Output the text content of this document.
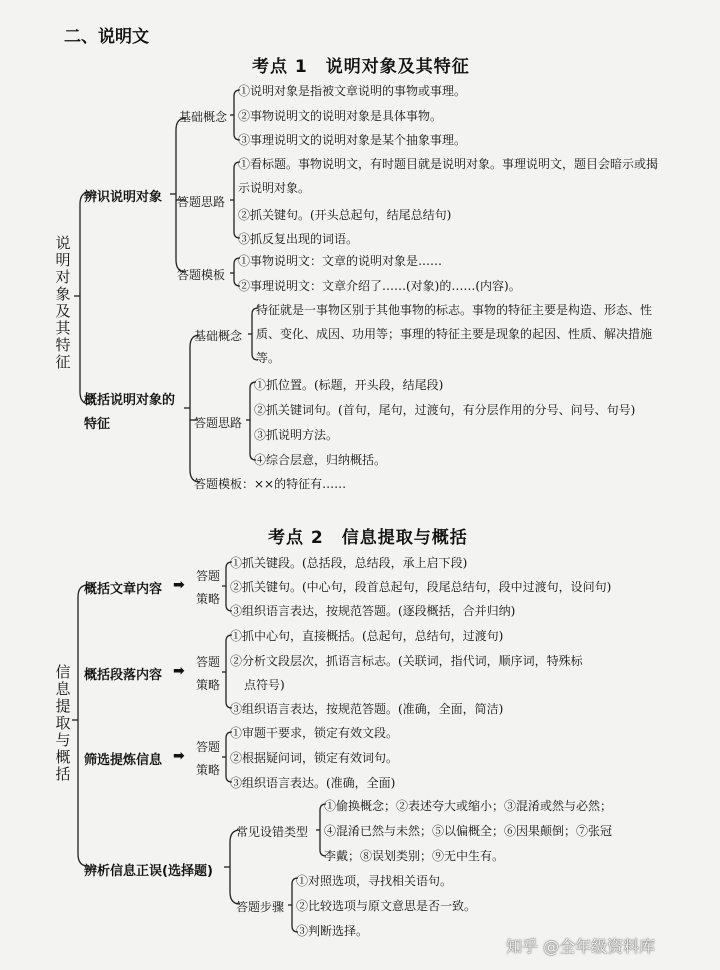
二、说明文
考点 1　说明对象及其特征
说明对象及其特征
辨识说明对象
基础概念
①说明对象是指被文章说明的事物或事理。
②事物说明文的说明对象是具体事物。
③事理说明文的说明对象是某个抽象事理。
答题思路
①看标题。事物说明文，有时题目就是说明对象。事理说明文，题目会暗示或揭示说明对象。
②抓关键句。(开头总起句，结尾总结句)
③抓反复出现的词语。
答题模板
①事物说明文：文章的说明对象是……
②事理说明文：文章介绍了……(对象)的……(内容)。
概括说明对象的
特征
基础概念
特征就是一事物区别于其他事物的标志。事物的特征主要是构造、形态、性质、变化、成因、功用等；事理的特征主要是现象的起因、性质、解决措施等。
答题思路
①抓位置。(标题，开头段，结尾段)
②抓关键词句。(首句，尾句，过渡句，有分层作用的分号、问号、句号)
③抓说明方法。
④综合层意，归纳概括。
答题模板：××的特征有……
考点 2　信息提取与概括
信息提取与概括
概括文章内容 ➡
答题
策略
①抓关键段。(总括段，总结段，承上启下段)
②抓关键句。(中心句，段首总起句，段尾总结句，段中过渡句，设问句)
③组织语言表达，按规范答题。(逐段概括，合并归纳)
概括段落内容 ➡
答题
策略
①抓中心句，直接概括。(总起句，总结句，过渡句)
②分析文段层次，抓语言标志。(关联词，指代词，顺序词，特殊标
点符号)
③组织语言表达，按规范答题。(准确，全面，简洁)
筛选提炼信息 ➡
答题
策略
①审题干要求，锁定有效文段。
②根据疑问词，锁定有效词句。
③组织语言表达。(准确，全面)
辨析信息正误(选择题)
常见设错类型
①偷换概念；②表述夸大或缩小；③混淆或然与必然；
④混淆已然与未然；⑤以偏概全；⑥因果颠倒；⑦张冠
李戴；⑧误划类别；⑨无中生有。
答题步骤
①对照选项，寻找相关语句。
②比较选项与原文意思是否一致。
③判断选择。
知乎 @全年级资料库
